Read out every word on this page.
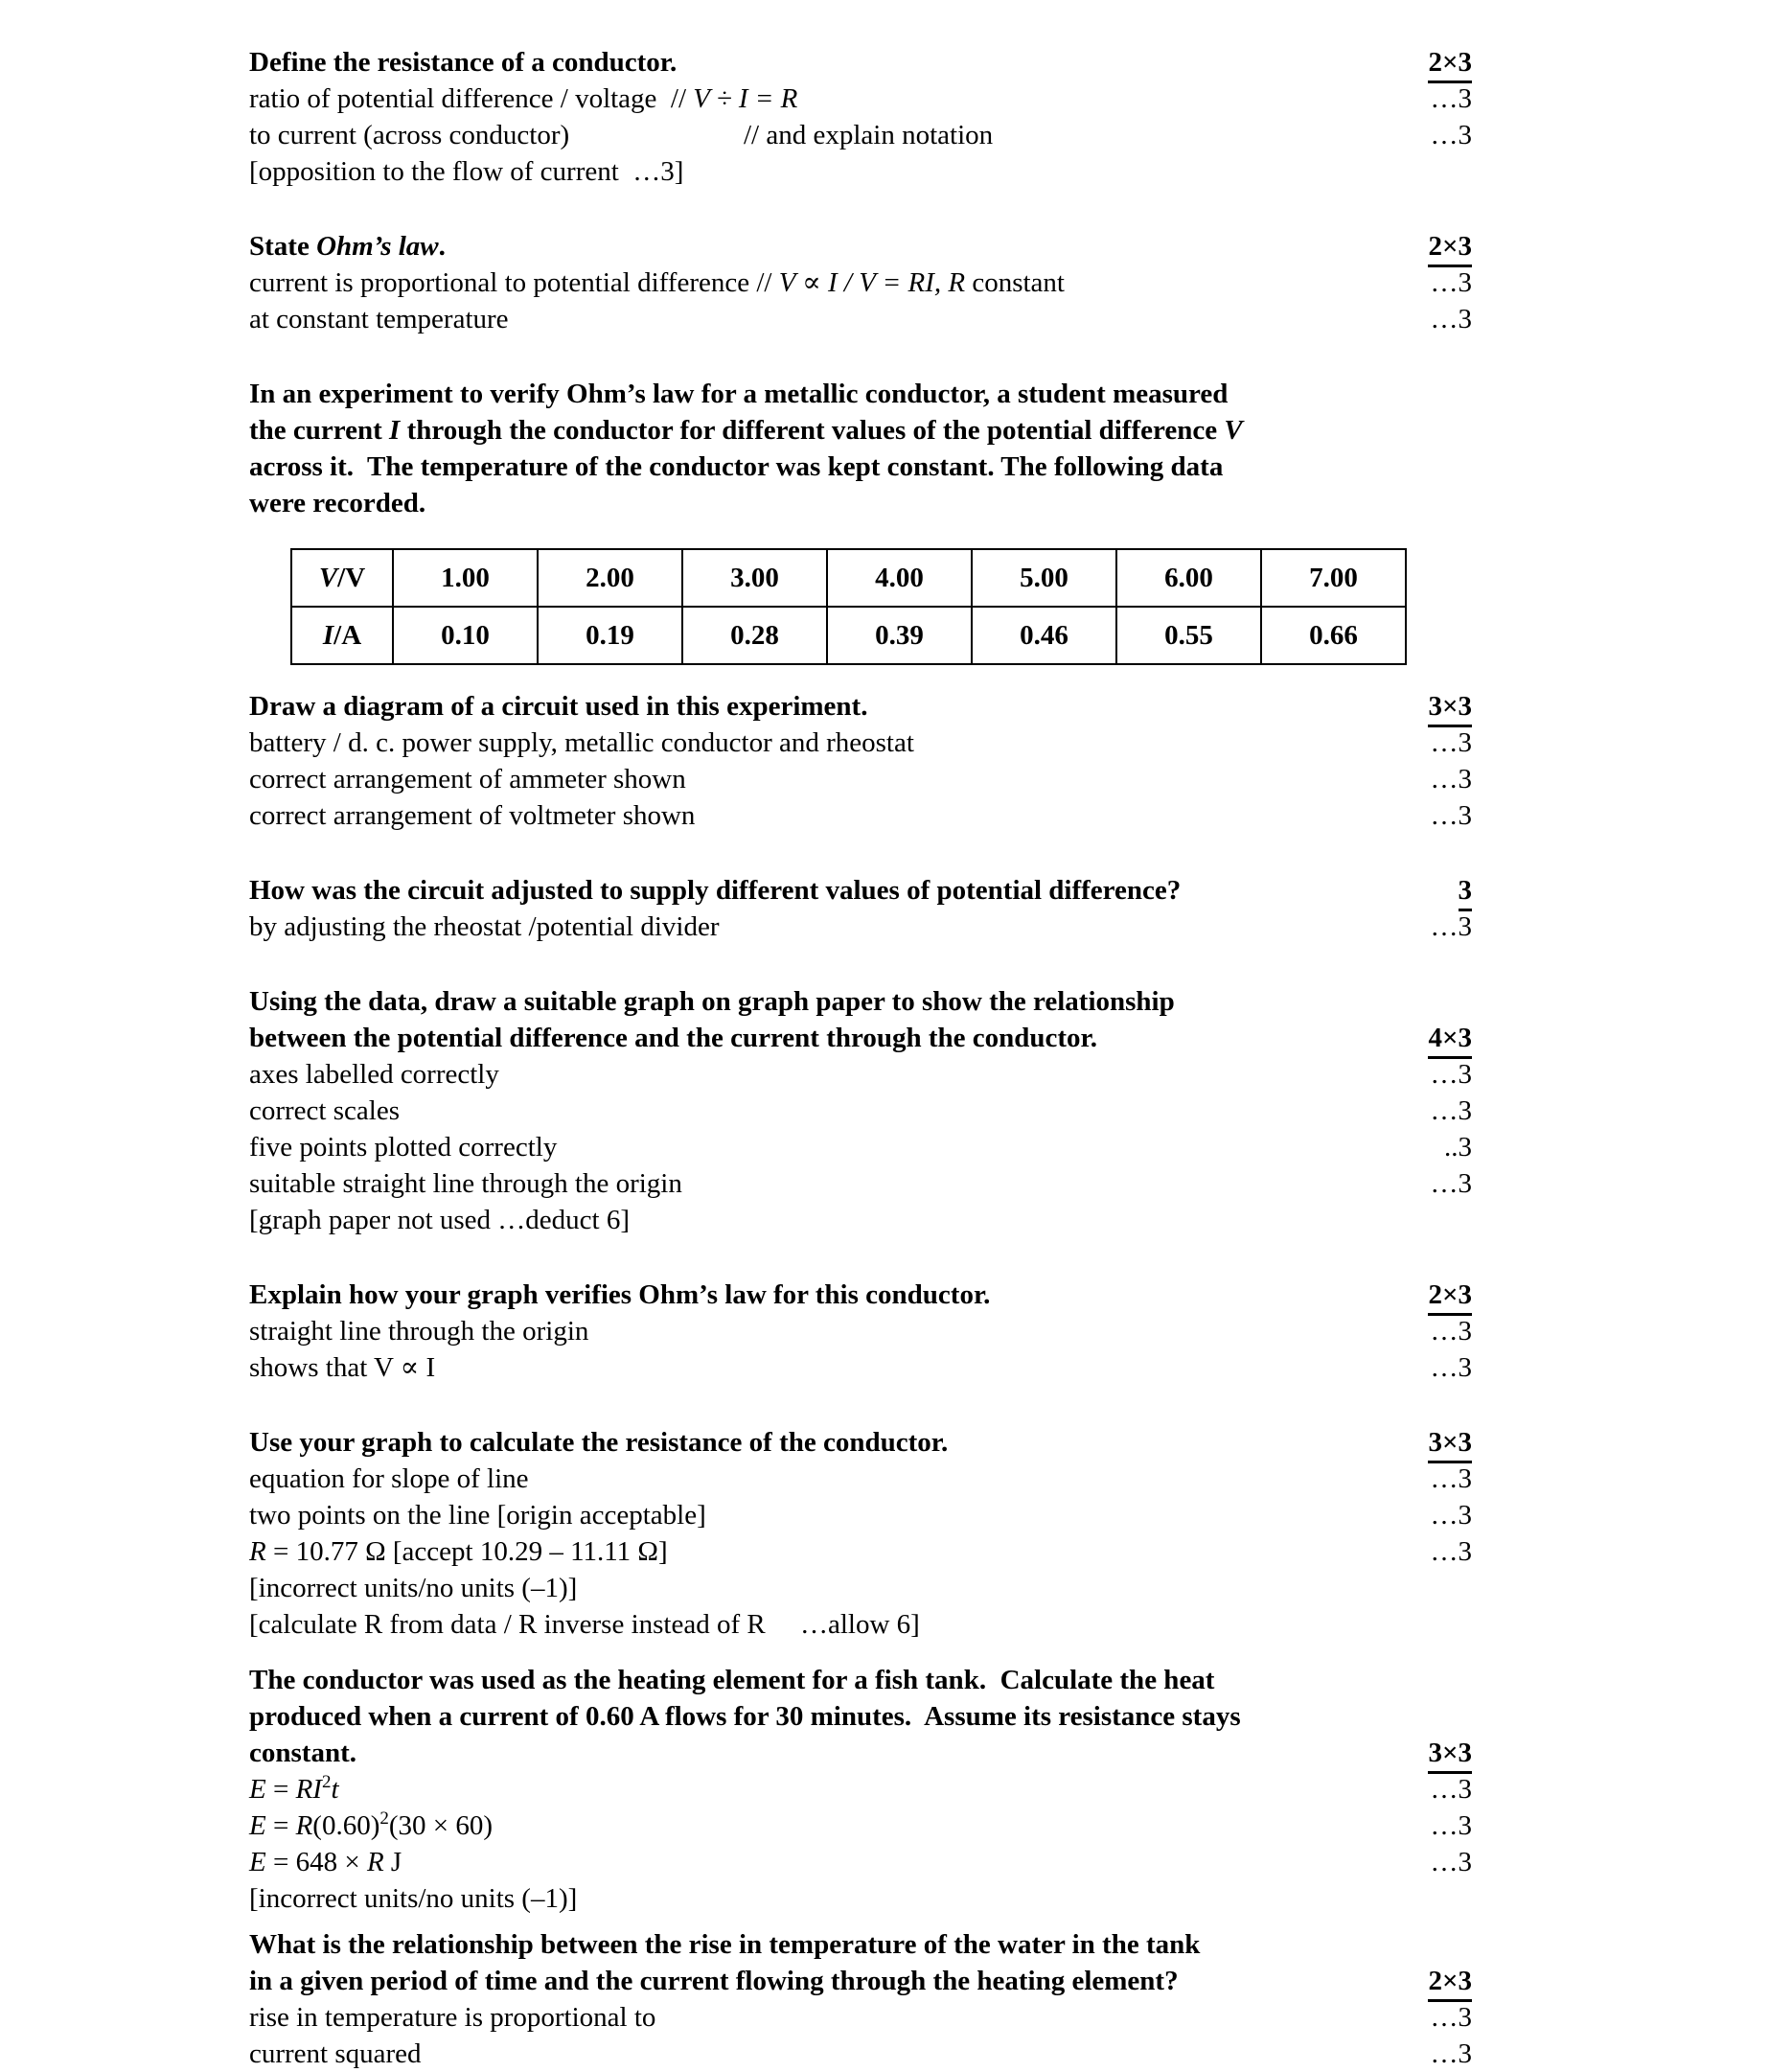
Define the resistance of a conductor.	2×3
ratio of potential difference / voltage  // V ÷ I = R	…3
to current (across conductor)	// and explain notation	…3
[opposition to the flow of current  …3]
State Ohm’s law.	2×3
current is proportional to potential difference // V ∝ I / V = RI, R constant	…3
at constant temperature	…3
In an experiment to verify Ohm’s law for a metallic conductor, a student measured
the current I through the conductor for different values of the potential difference V
across it.  The temperature of the conductor was kept constant. The following data
were recorded.
V/V	1.00	2.00	3.00	4.00	5.00	6.00	7.00
I/A	0.10	0.19	0.28	0.39	0.46	0.55	0.66
Draw a diagram of a circuit used in this experiment.	3×3
battery / d. c. power supply, metallic conductor and rheostat	…3
correct arrangement of ammeter shown	…3
correct arrangement of voltmeter shown	…3
How was the circuit adjusted to supply different values of potential difference?	3
by adjusting the rheostat /potential divider	…3
Using the data, draw a suitable graph on graph paper to show the relationship
between the potential difference and the current through the conductor.	4×3
axes labelled correctly	…3
correct scales	…3
five points plotted correctly	..3
suitable straight line through the origin	…3
[graph paper not used …deduct 6]
Explain how your graph verifies Ohm’s law for this conductor.	2×3
straight line through the origin	…3
shows that V ∝ I	…3
Use your graph to calculate the resistance of the conductor.	3×3
equation for slope of line	…3
two points on the line [origin acceptable]	…3
R = 10.77 Ω [accept 10.29 – 11.11 Ω]	…3
[incorrect units/no units (–1)]
[calculate R from data / R inverse instead of R     …allow 6]
The conductor was used as the heating element for a fish tank.  Calculate the heat
produced when a current of 0.60 A flows for 30 minutes.  Assume its resistance stays
constant.	3×3
$E = RI^2t$	…3
$E = R(0.60)^2(30 \times 60)$	…3
E = 648 × R J	…3
[incorrect units/no units (–1)]
What is the relationship between the rise in temperature of the water in the tank
in a given period of time and the current flowing through the heating element?	2×3
rise in temperature is proportional to	…3
current squared	…3
